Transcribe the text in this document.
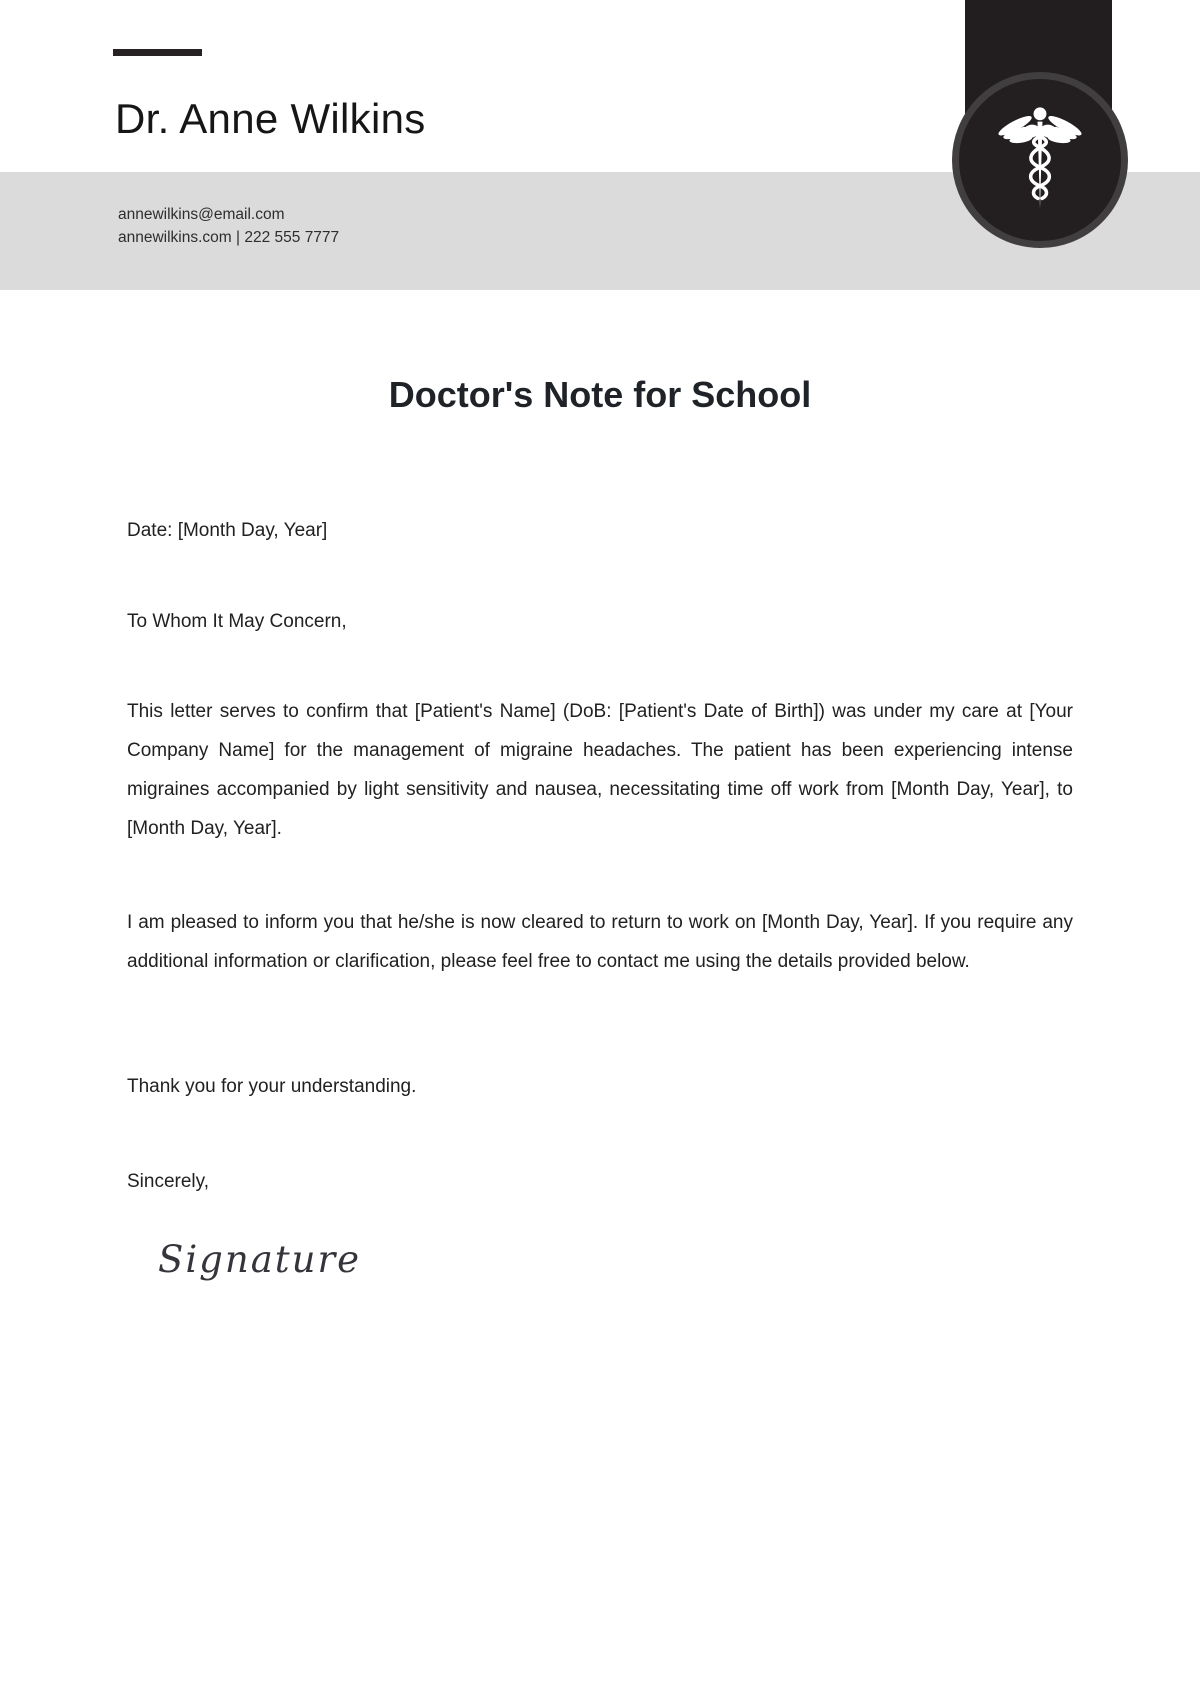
Dr. Anne Wilkins
annewilkins@email.com
annewilkins.com | 222 555 7777
Doctor's Note for School
Date: [Month Day, Year]
To Whom It May Concern,
This letter serves to confirm that [Patient's Name] (DoB: [Patient's Date of Birth]) was under my care at [Your Company Name] for the management of migraine headaches. The patient has been experiencing intense migraines accompanied by light sensitivity and nausea, necessitating time off work from [Month Day, Year], to [Month Day, Year].
I am pleased to inform you that he/she is now cleared to return to work on [Month Day, Year]. If you require any additional information or clarification, please feel free to contact me using the details provided below.
Thank you for your understanding.
Sincerely,
Signature
